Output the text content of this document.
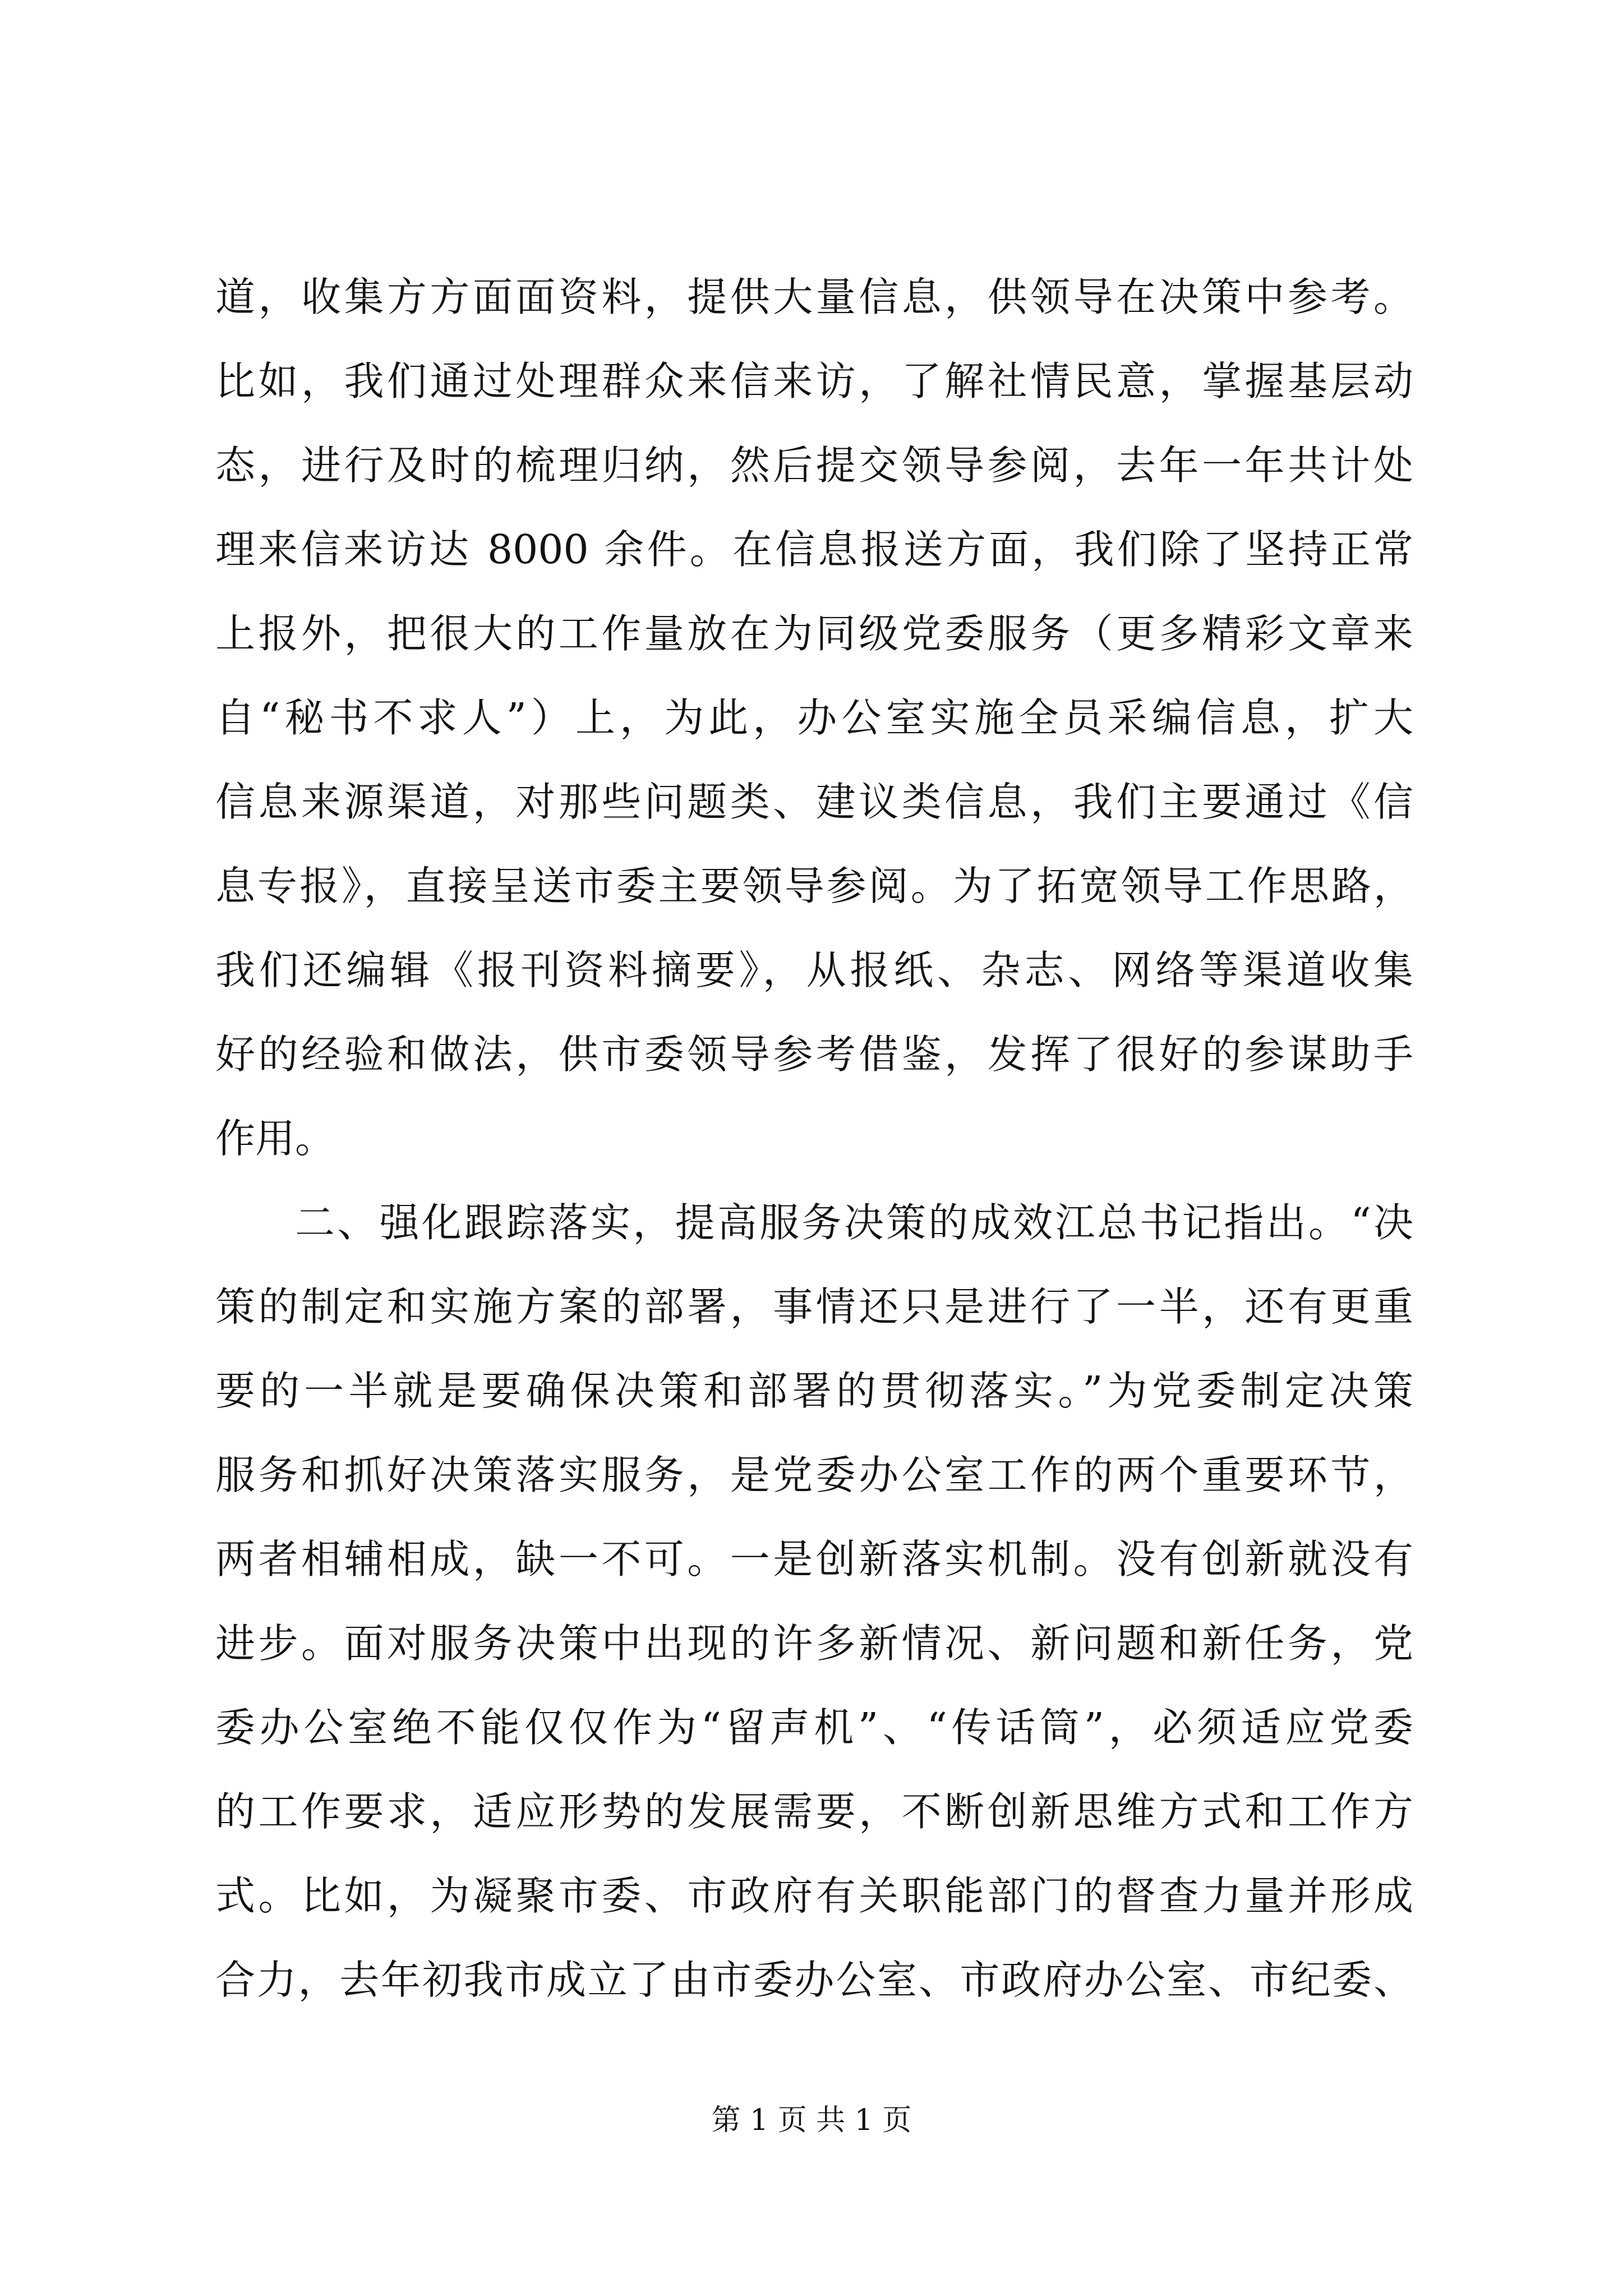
道，收集方方面面资料，提供大量信息，供领导在决策中参考。
比如，我们通过处理群众来信来访，了解社情民意，掌握基层动
态，进行及时的梳理归纳，然后提交领导参阅，去年一年共计处
理来信来访达 8000 余件。在信息报送方面，我们除了坚持正常
上报外，把很大的工作量放在为同级党委服务（更多精彩文章来
自“秘书不求人”）上，为此，办公室实施全员采编信息，扩大
信息来源渠道，对那些问题类、建议类信息，我们主要通过《信
息专报》，直接呈送市委主要领导参阅。为了拓宽领导工作思路，
我们还编辑《报刊资料摘要》，从报纸、杂志、网络等渠道收集
好的经验和做法，供市委领导参考借鉴，发挥了很好的参谋助手
作用。
二、强化跟踪落实，提高服务决策的成效江总书记指出。“决
策的制定和实施方案的部署，事情还只是进行了一半，还有更重
要的一半就是要确保决策和部署的贯彻落实。”为党委制定决策
服务和抓好决策落实服务，是党委办公室工作的两个重要环节，
两者相辅相成，缺一不可。一是创新落实机制。没有创新就没有
进步。面对服务决策中出现的许多新情况、新问题和新任务，党
委办公室绝不能仅仅作为“留声机”、“传话筒”，必须适应党委
的工作要求，适应形势的发展需要，不断创新思维方式和工作方
式。比如，为凝聚市委、市政府有关职能部门的督查力量并形成
合力，去年初我市成立了由市委办公室、市政府办公室、市纪委、
第 1 页 共 1 页
